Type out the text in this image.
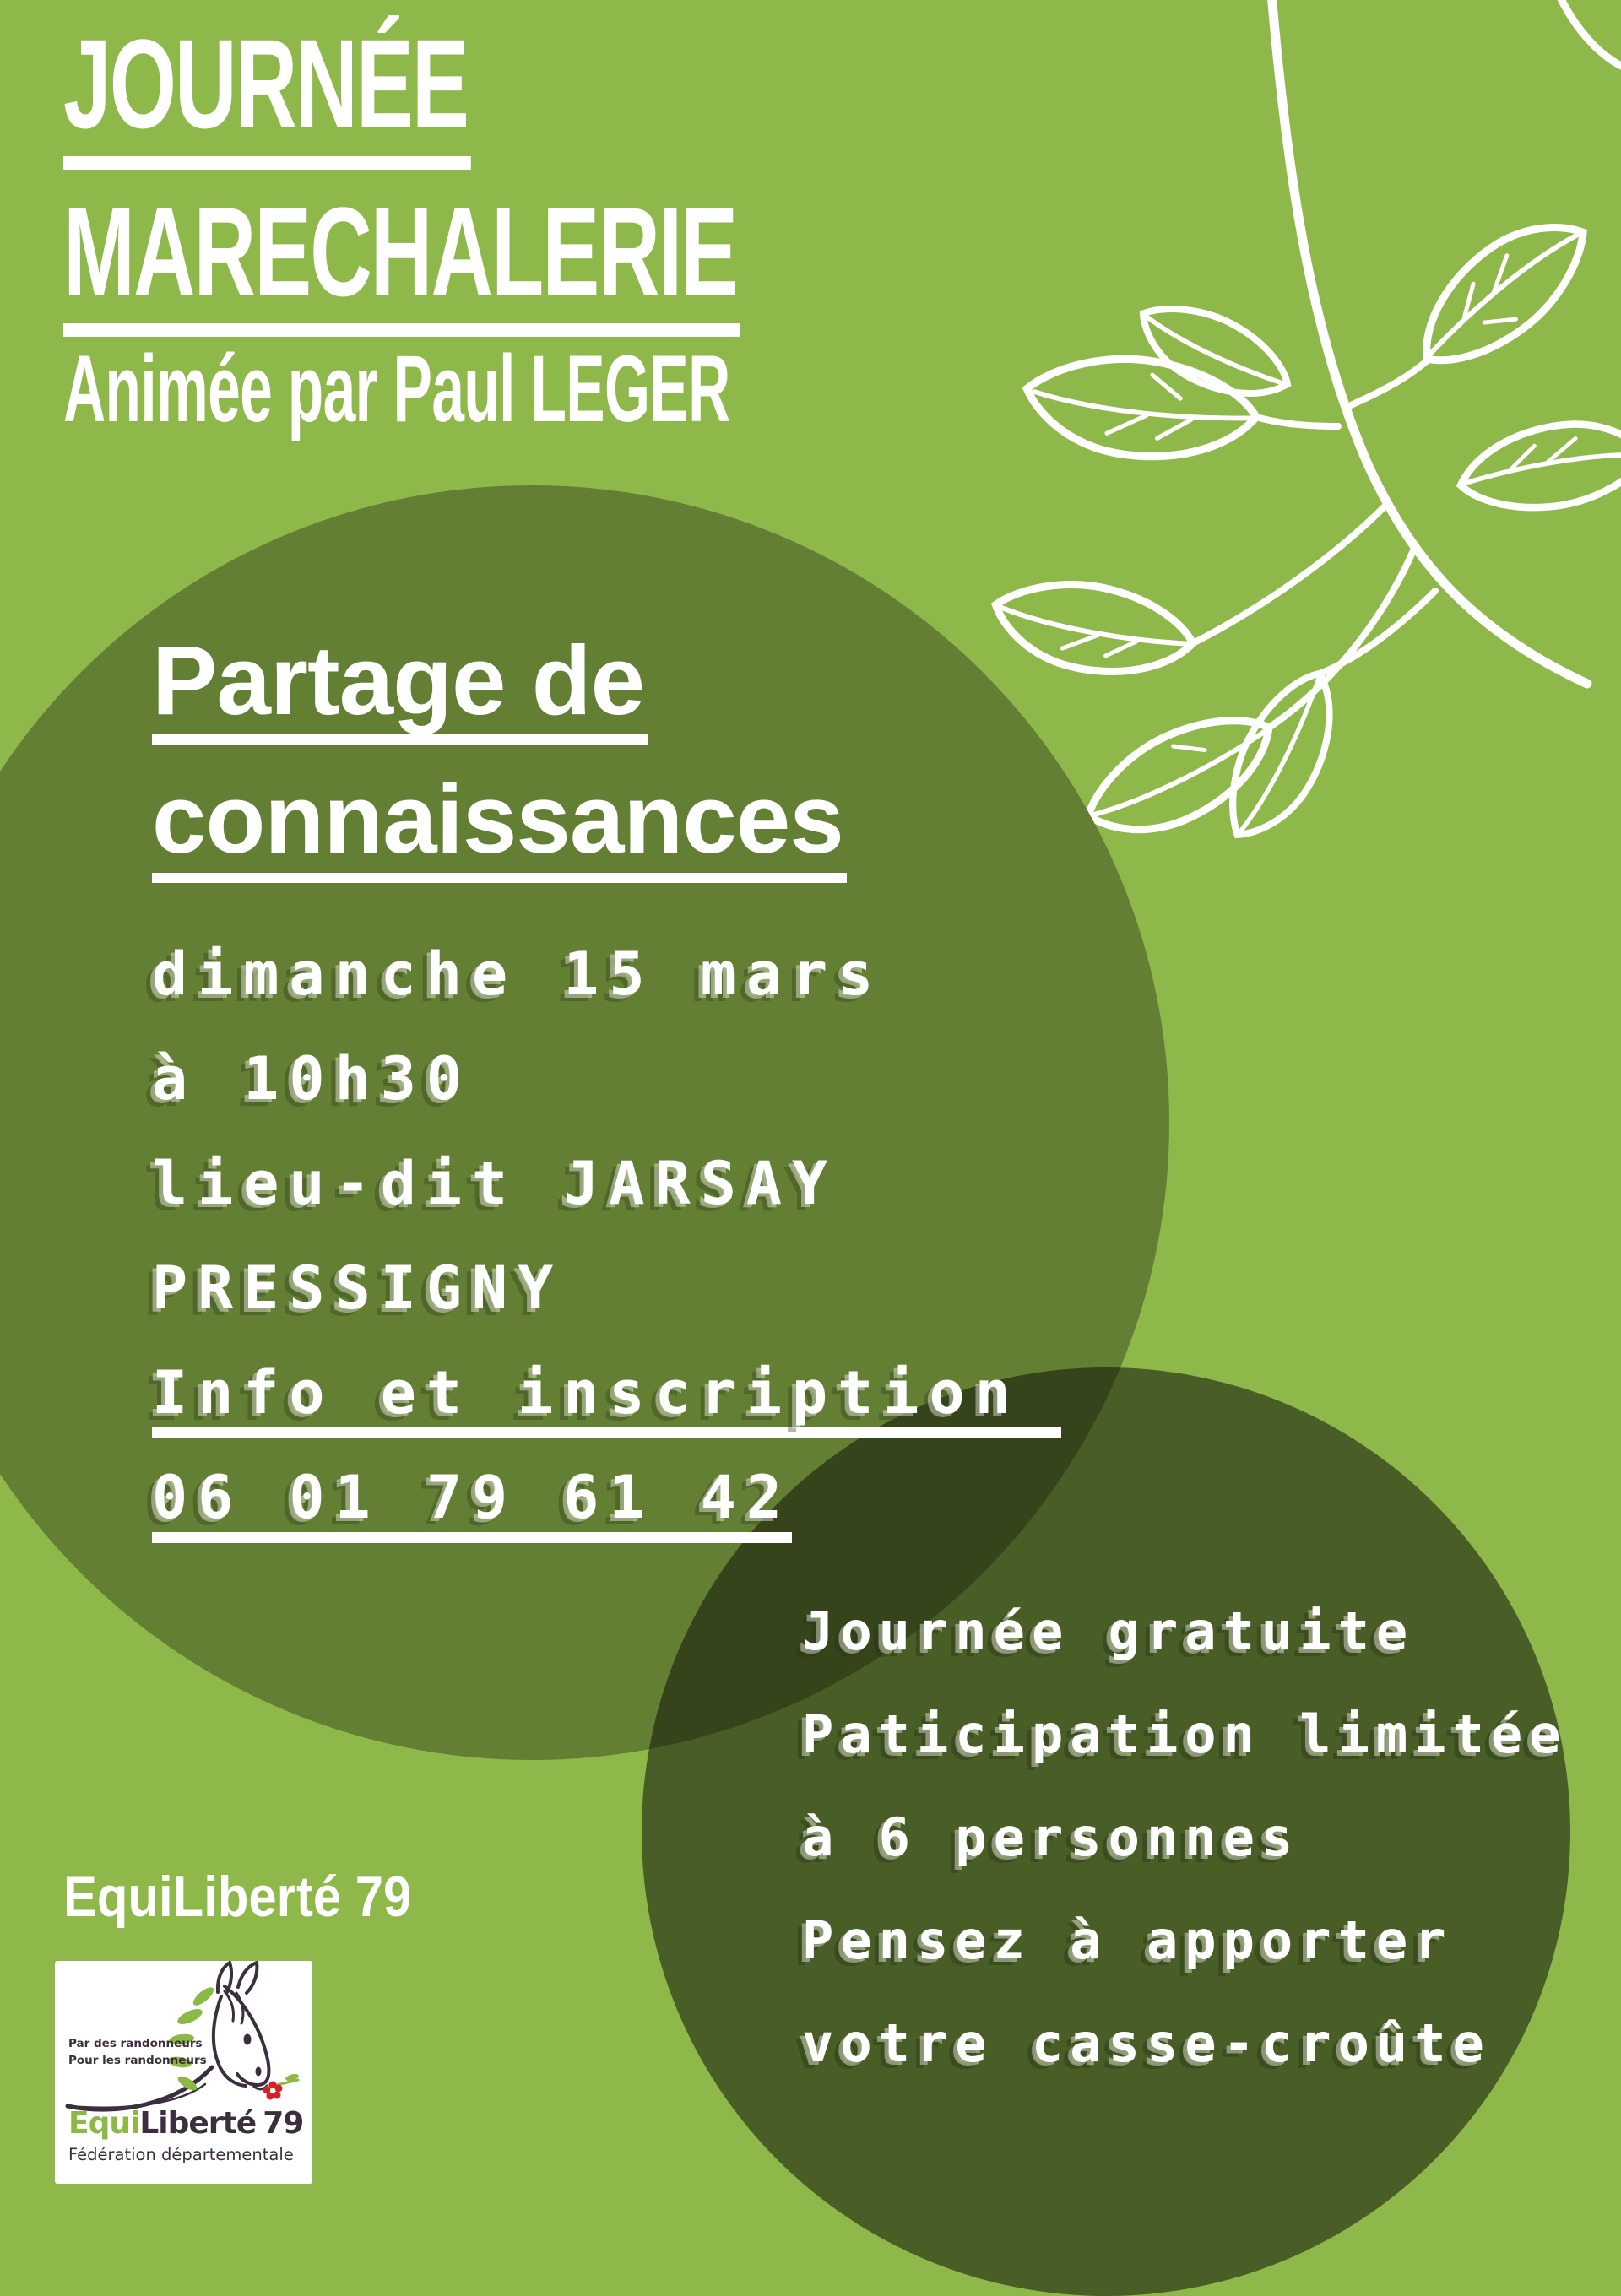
JOURNÉE
MARECHALERIE
Animée par Paul LEGER
Partage de
connaissances
dimanche 15 mars
à 10h30
lieu-dit JARSAY
PRESSIGNY
Info et inscription
06 01 79 61 42
Journée gratuite
Paticipation limitée
à 6 personnes
Pensez à apporter
votre casse-croûte
EquiLiberté 79
Par des randonneurs
Pour les randonneurs
EquiLiberté 79
Fédération départementale
